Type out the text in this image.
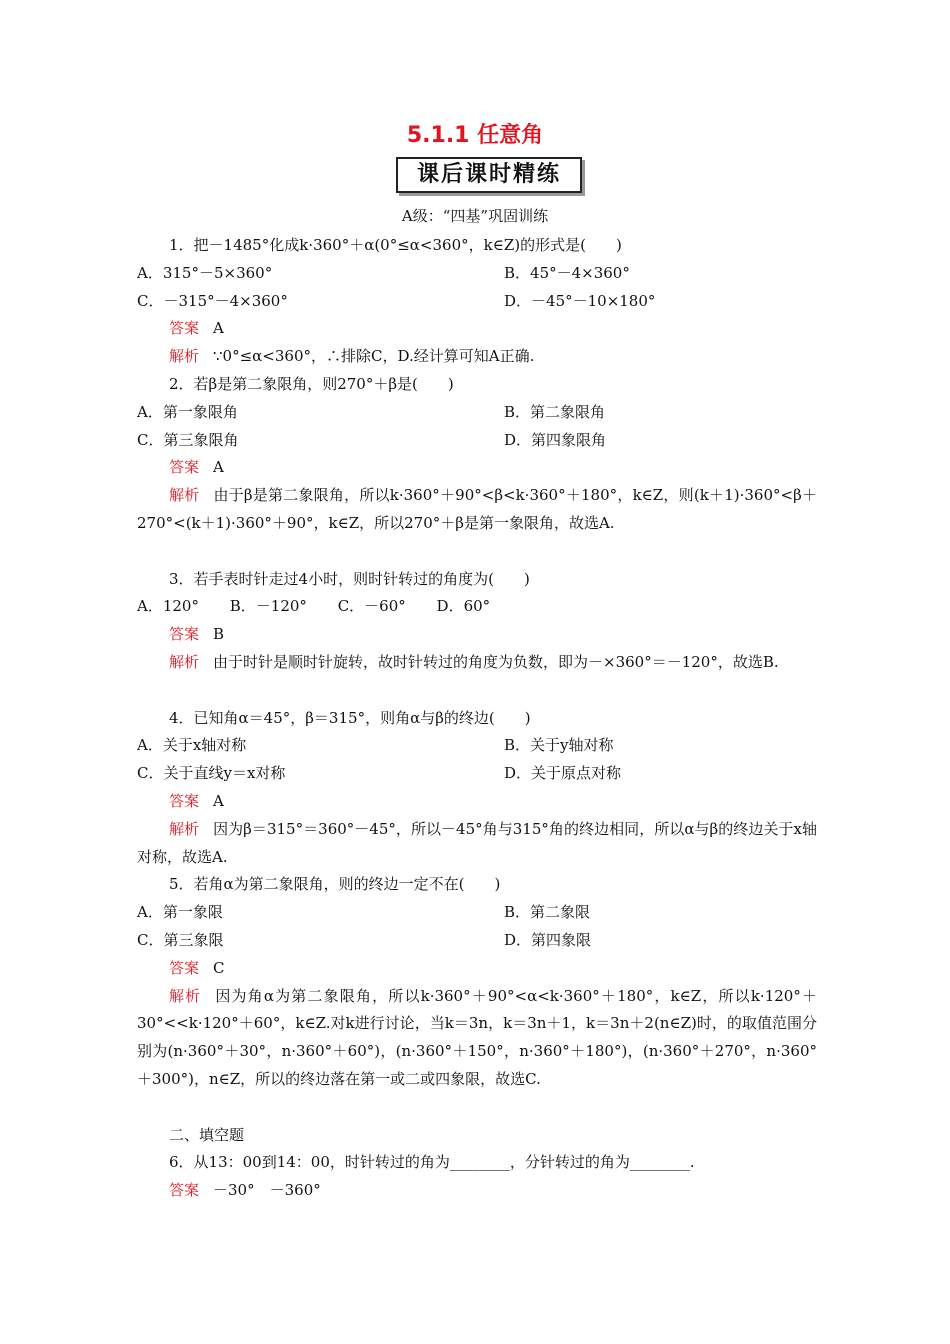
5.1.1 任意角
课后课时精练
A级：“四基”巩固训练
1．把－1485°化成k·360°＋α(0°≤α<360°，k∈Z)的形式是(　　)
A．315°－5×360°	B．45°－4×360°
C．－315°－4×360°	D．－45°－10×180°
答案 A
解析 ∵0°≤α<360°，∴排除C，D.经计算可知A正确.
2．若β是第二象限角，则270°＋β是(　　)
A．第一象限角	B．第二象限角
C．第三象限角	D．第四象限角
答案 A
解析 由于β是第二象限角，所以k·360°＋90°<β<k·360°＋180°，k∈Z，则(k＋1)·360°<β＋270°<(k＋1)·360°＋90°，k∈Z，所以270°＋β是第一象限角，故选A.
3．若手表时针走过4小时，则时针转过的角度为(　　)
A．120° B．－120° C．－60° D．60°
答案 B
解析 由于时针是顺时针旋转，故时针转过的角度为负数，即为－×360°＝－120°，故选B.
4．已知角α＝45°，β＝315°，则角α与β的终边(　　)
A．关于x轴对称	B．关于y轴对称
C．关于直线y＝x对称	D．关于原点对称
答案 A
解析 因为β＝315°＝360°－45°，所以－45°角与315°角的终边相同，所以α与β的终边关于x轴对称，故选A.
5．若角α为第二象限角，则的终边一定不在(　　)
A．第一象限	B．第二象限
C．第三象限	D．第四象限
答案 C
解析 因为角α为第二象限角，所以k·360°＋90°<α<k·360°＋180°，k∈Z，所以k·120°＋30°<<k·120°＋60°，k∈Z.对k进行讨论，当k＝3n，k＝3n＋1，k＝3n＋2(n∈Z)时，的取值范围分别为(n·360°＋30°，n·360°＋60°)，(n·360°＋150°，n·360°＋180°)，(n·360°＋270°，n·360°＋300°)，n∈Z，所以的终边落在第一或二或四象限，故选C.
二、填空题
6．从13：00到14：00，时针转过的角为________，分针转过的角为________.
答案 －30°　－360°
